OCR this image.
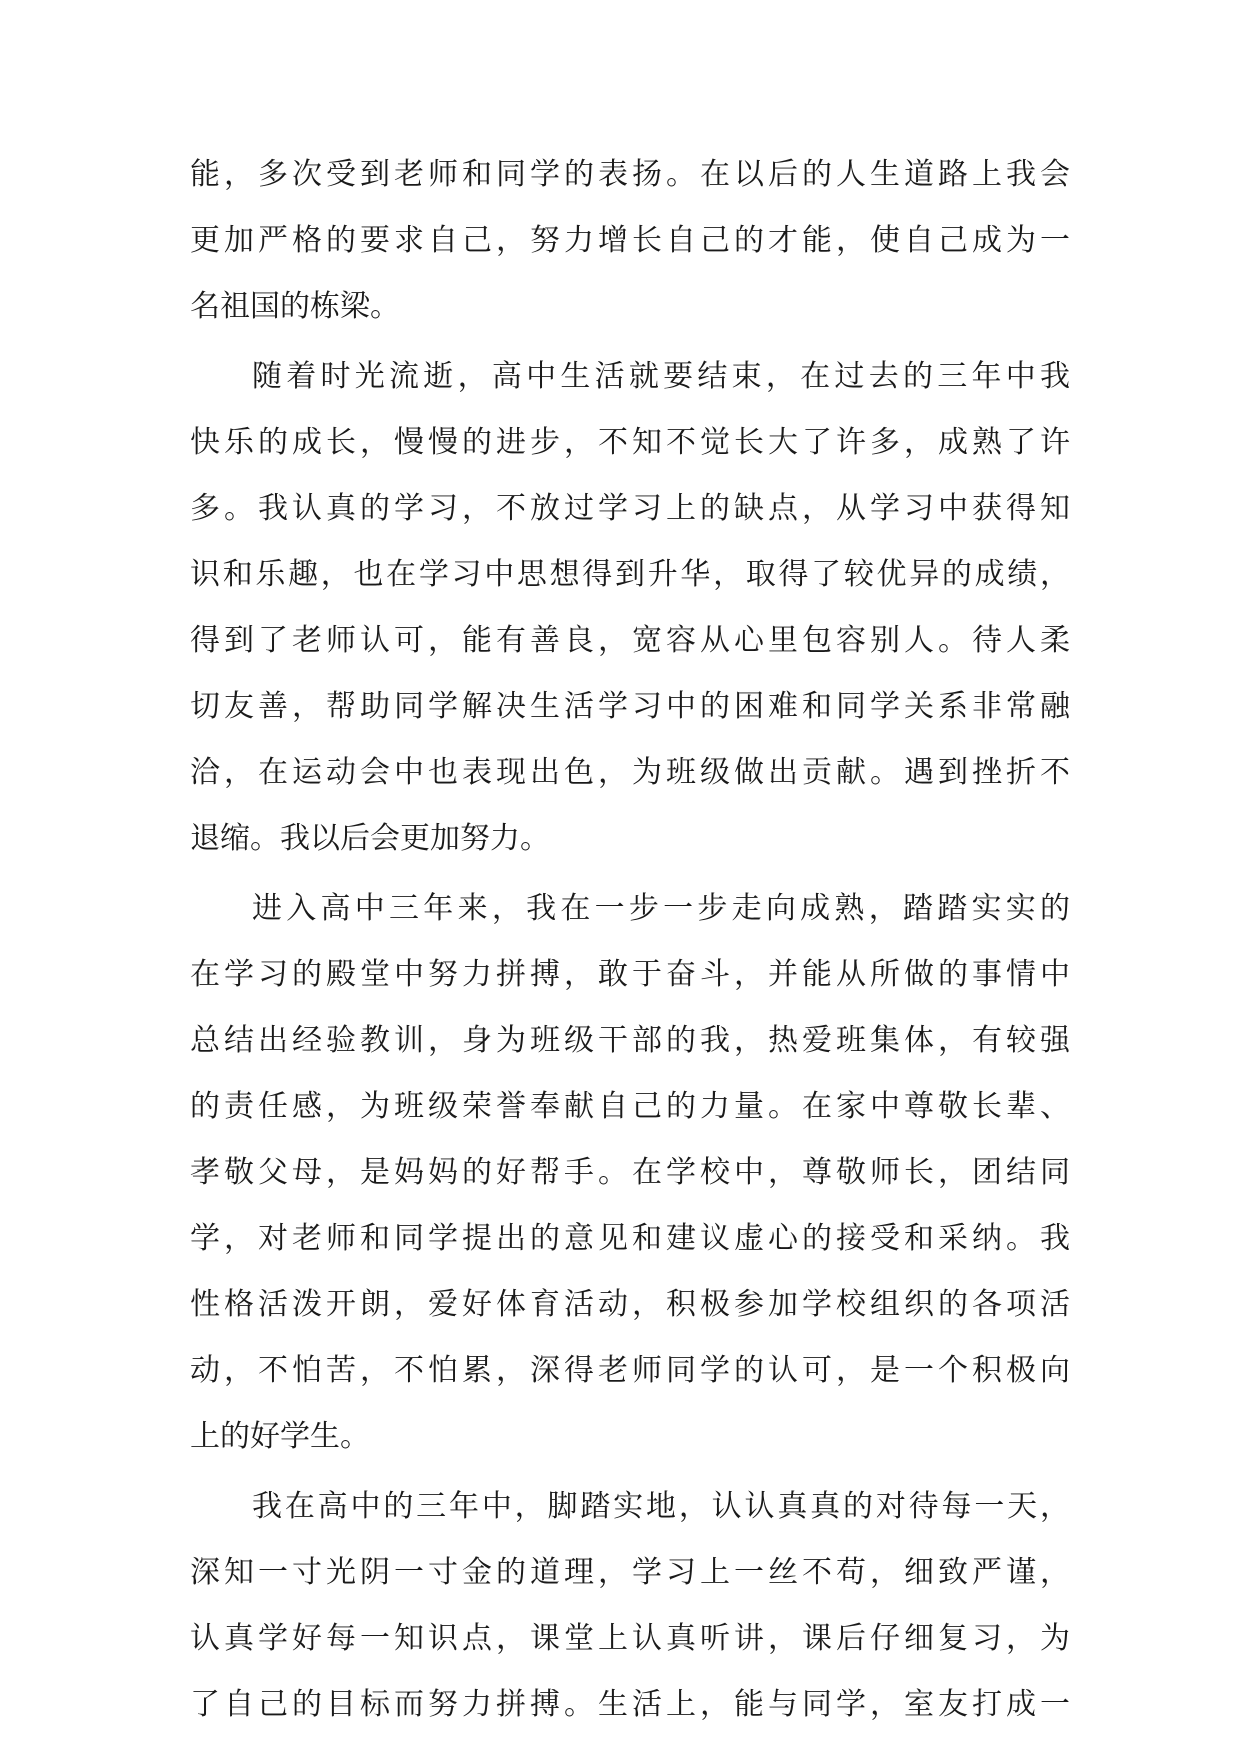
能，多次受到老师和同学的表扬。在以后的人生道路上我会
更加严格的要求自己，努力增长自己的才能，使自己成为一
名祖国的栋梁。
随着时光流逝，高中生活就要结束，在过去的三年中我
快乐的成长，慢慢的进步，不知不觉长大了许多，成熟了许
多。我认真的学习，不放过学习上的缺点，从学习中获得知
识和乐趣，也在学习中思想得到升华，取得了较优异的成绩，
得到了老师认可，能有善良，宽容从心里包容别人。待人柔
切友善，帮助同学解决生活学习中的困难和同学关系非常融
洽，在运动会中也表现出色，为班级做出贡献。遇到挫折不
退缩。我以后会更加努力。
进入高中三年来，我在一步一步走向成熟，踏踏实实的
在学习的殿堂中努力拼搏，敢于奋斗，并能从所做的事情中
总结出经验教训，身为班级干部的我，热爱班集体，有较强
的责任感，为班级荣誉奉献自己的力量。在家中尊敬长辈、
孝敬父母，是妈妈的好帮手。在学校中，尊敬师长，团结同
学，对老师和同学提出的意见和建议虚心的接受和采纳。我
性格活泼开朗，爱好体育活动，积极参加学校组织的各项活
动，不怕苦，不怕累，深得老师同学的认可，是一个积极向
上的好学生。
我在高中的三年中，脚踏实地，认认真真的对待每一天，
深知一寸光阴一寸金的道理，学习上一丝不苟，细致严谨，
认真学好每一知识点，课堂上认真听讲，课后仔细复习，为
了自己的目标而努力拼搏。生活上，能与同学，室友打成一
